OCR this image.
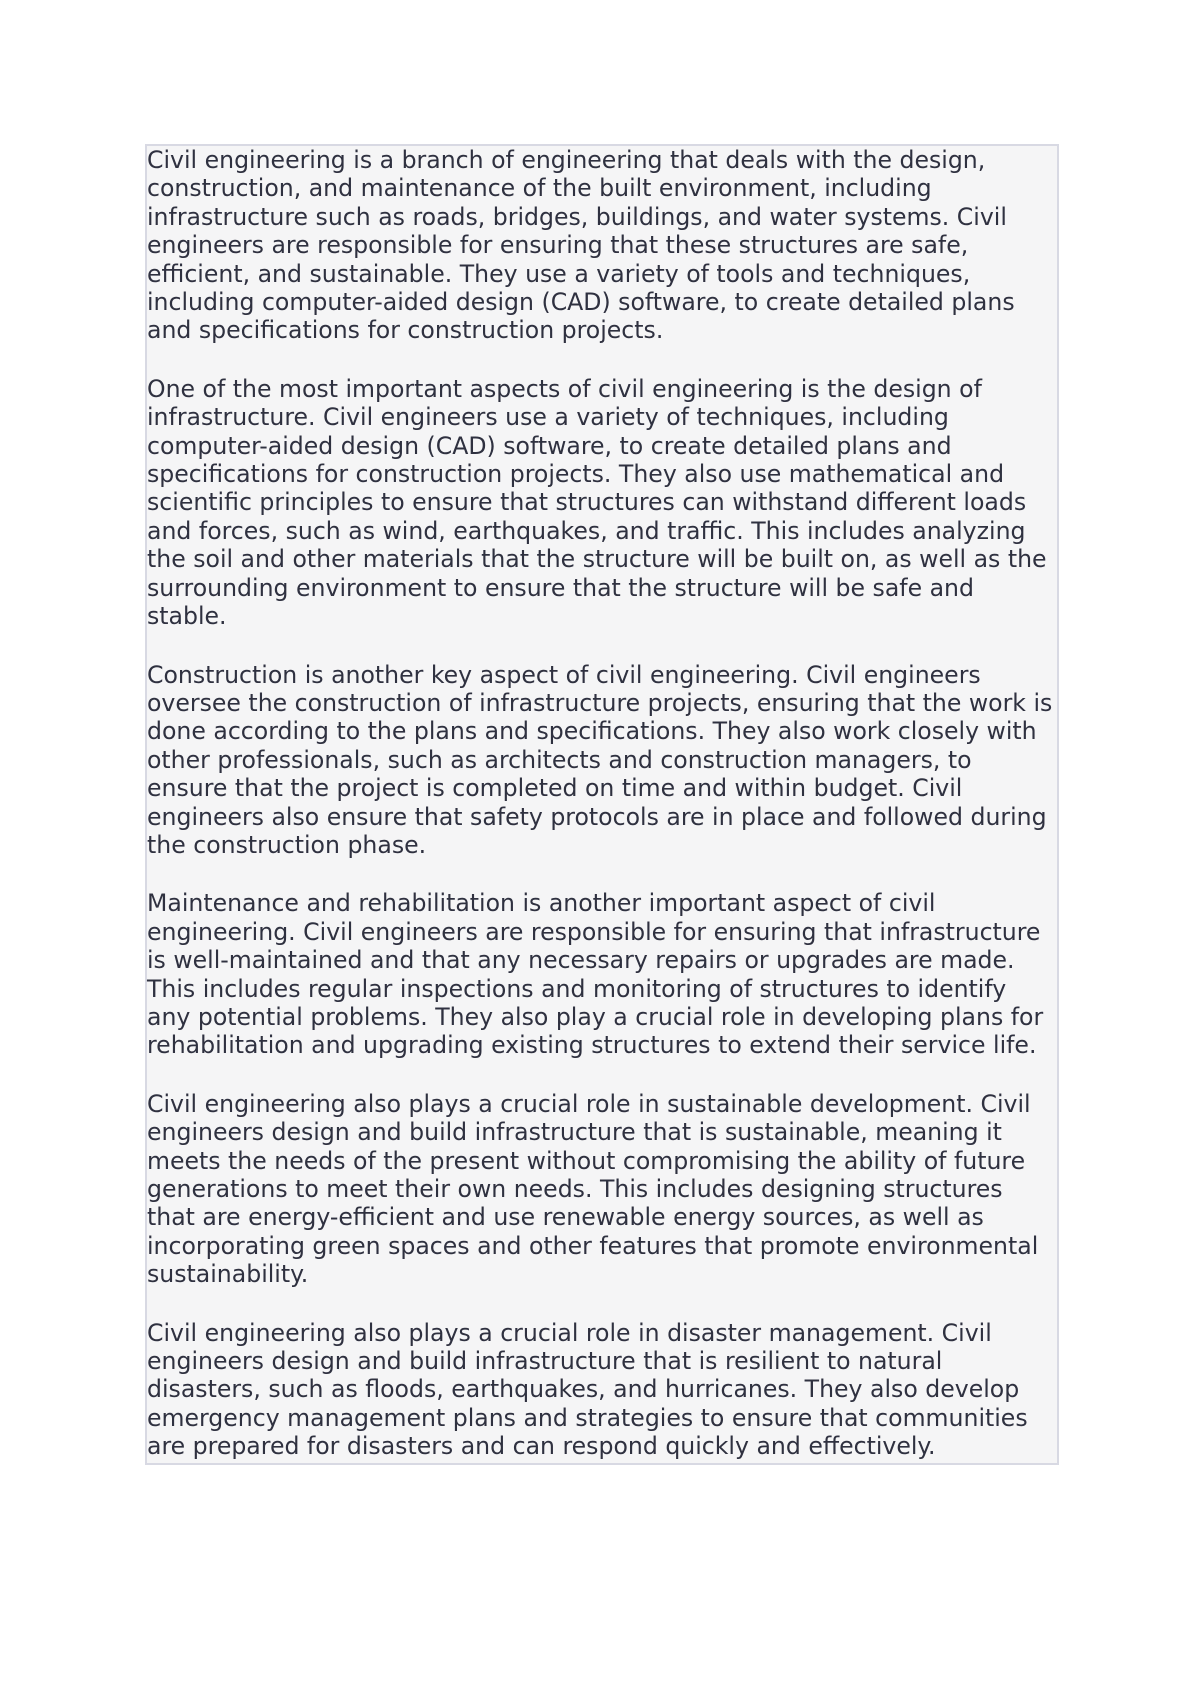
Civil engineering is a branch of engineering that deals with the design, construction, and maintenance of the built environment, including infrastructure such as roads, bridges, buildings, and water systems. Civil engineers are responsible for ensuring that these structures are safe, efficient, and sustainable. They use a variety of tools and techniques, including computer-aided design (CAD) software, to create detailed plans and specifications for construction projects.

One of the most important aspects of civil engineering is the design of infrastructure. Civil engineers use a variety of techniques, including computer-aided design (CAD) software, to create detailed plans and specifications for construction projects. They also use mathematical and scientific principles to ensure that structures can withstand different loads and forces, such as wind, earthquakes, and traffic. This includes analyzing the soil and other materials that the structure will be built on, as well as the surrounding environment to ensure that the structure will be safe and stable.

Construction is another key aspect of civil engineering. Civil engineers oversee the construction of infrastructure projects, ensuring that the work is done according to the plans and specifications. They also work closely with other professionals, such as architects and construction managers, to ensure that the project is completed on time and within budget. Civil engineers also ensure that safety protocols are in place and followed during the construction phase.

Maintenance and rehabilitation is another important aspect of civil engineering. Civil engineers are responsible for ensuring that infrastructure is well-maintained and that any necessary repairs or upgrades are made. This includes regular inspections and monitoring of structures to identify any potential problems. They also play a crucial role in developing plans for rehabilitation and upgrading existing structures to extend their service life.

Civil engineering also plays a crucial role in sustainable development. Civil engineers design and build infrastructure that is sustainable, meaning it meets the needs of the present without compromising the ability of future generations to meet their own needs. This includes designing structures that are energy-efficient and use renewable energy sources, as well as incorporating green spaces and other features that promote environmental sustainability.

Civil engineering also plays a crucial role in disaster management. Civil engineers design and build infrastructure that is resilient to natural disasters, such as floods, earthquakes, and hurricanes. They also develop emergency management plans and strategies to ensure that communities are prepared for disasters and can respond quickly and effectively.
